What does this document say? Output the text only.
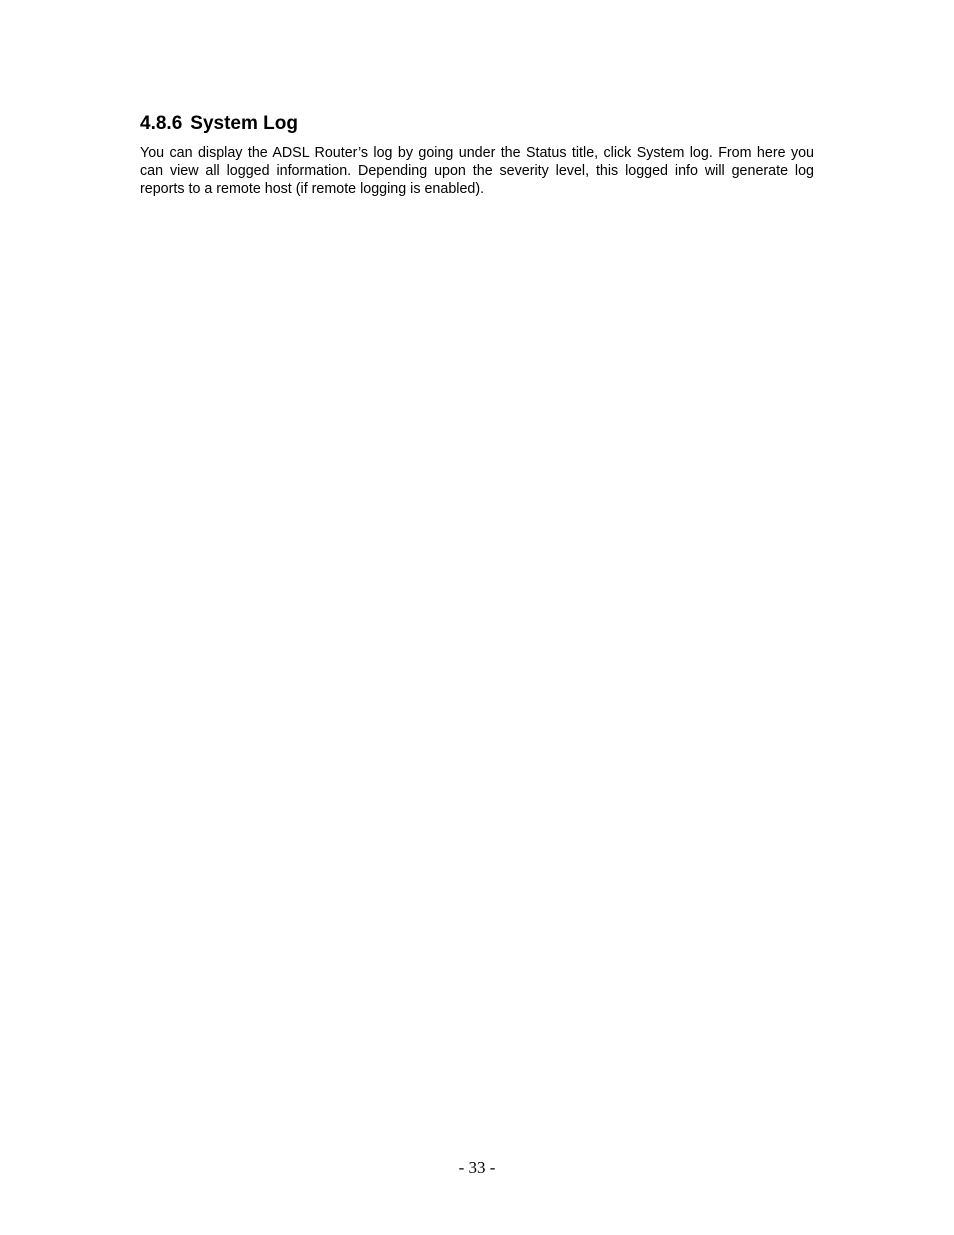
4.8.6 System Log

You can display the ADSL Router’s log by going under the Status title, click System log. From here you can view all logged information. Depending upon the severity level, this logged info will generate log reports to a remote host (if remote logging is enabled).

- 33 -
